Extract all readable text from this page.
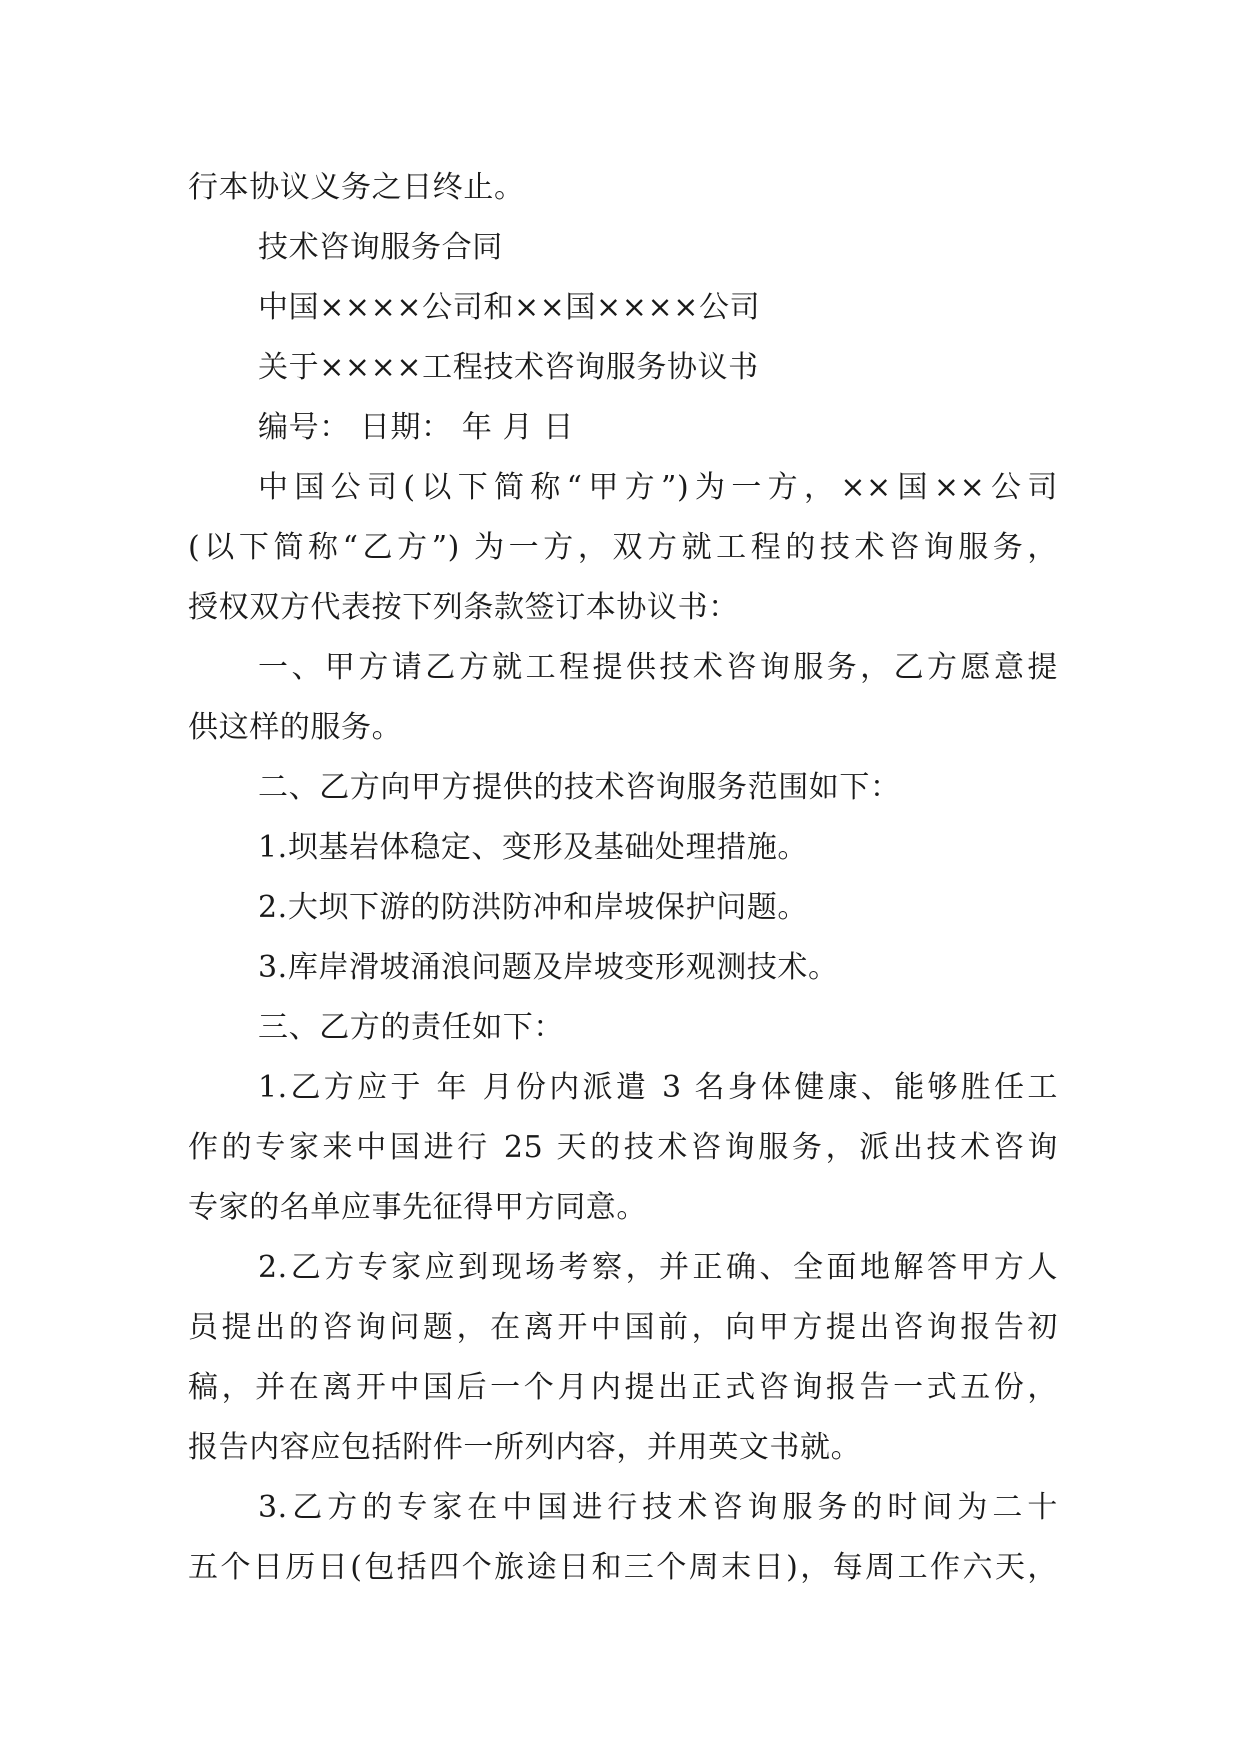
行本协议义务之日终止。
技术咨询服务合同
中国××××公司和××国××××公司
关于××××工程技术咨询服务协议书
编号： 日期： 年 月 日
中国公司(以下简称“甲方”)为一方，××国××公司
(以下简称“乙方”) 为一方，双方就工程的技术咨询服务，
授权双方代表按下列条款签订本协议书：
一、甲方请乙方就工程提供技术咨询服务，乙方愿意提
供这样的服务。
二、乙方向甲方提供的技术咨询服务范围如下：
1.坝基岩体稳定、变形及基础处理措施。
2.大坝下游的防洪防冲和岸坡保护问题。
3.库岸滑坡涌浪问题及岸坡变形观测技术。
三、乙方的责任如下：
1.乙方应于 年 月份内派遣 3 名身体健康、能够胜任工
作的专家来中国进行 25 天的技术咨询服务，派出技术咨询
专家的名单应事先征得甲方同意。
2.乙方专家应到现场考察，并正确、全面地解答甲方人
员提出的咨询问题，在离开中国前，向甲方提出咨询报告初
稿，并在离开中国后一个月内提出正式咨询报告一式五份，
报告内容应包括附件一所列内容，并用英文书就。
3.乙方的专家在中国进行技术咨询服务的时间为二十
五个日历日(包括四个旅途日和三个周末日)，每周工作六天，
